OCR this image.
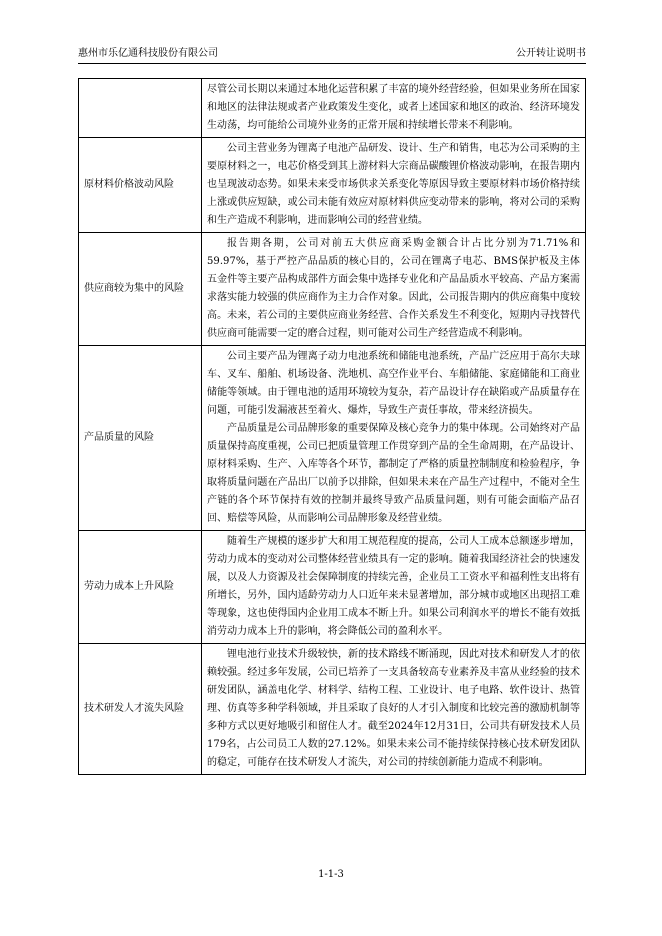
惠州市乐亿通科技股份有限公司	公开转让说明书

	尽管公司长期以来通过本地化运营积累了丰富的境外经营经验，但如果业务所在国家和地区的法律法规或者产业政策发生变化，或者上述国家和地区的政治、经济环境发生动荡，均可能给公司境外业务的正常开展和持续增长带来不利影响。

原材料价格波动风险	公司主营业务为锂离子电池产品研发、设计、生产和销售，电芯为公司采购的主要原材料之一，电芯价格受到其上游材料大宗商品碳酸锂价格波动影响，在报告期内也呈现波动态势。如果未来受市场供求关系变化等原因导致主要原材料市场价格持续上涨或供应短缺，或公司未能有效应对原材料供应变动带来的影响，将对公司的采购和生产造成不利影响，进而影响公司的经营业绩。

供应商较为集中的风险	报告期各期，公司对前五大供应商采购金额合计占比分别为71.71%和59.97%，基于严控产品品质的核心目的，公司在锂离子电芯、BMS保护板及主体五金件等主要产品构成部件方面会集中选择专业化和产品品质水平较高、产品方案需求落实能力较强的供应商作为主力合作对象。因此，公司报告期内的供应商集中度较高。未来，若公司的主要供应商业务经营、合作关系发生不利变化，短期内寻找替代供应商可能需要一定的磨合过程，则可能对公司生产经营造成不利影响。

产品质量的风险	公司主要产品为锂离子动力电池系统和储能电池系统，产品广泛应用于高尔夫球车、叉车、船舶、机场设备、洗地机、高空作业平台、车船储能、家庭储能和工商业储能等领域。由于锂电池的适用环境较为复杂，若产品设计存在缺陷或产品质量存在问题，可能引发漏液甚至着火、爆炸，导致生产责任事故，带来经济损失。

产品质量是公司品牌形象的重要保障及核心竞争力的集中体现。公司始终对产品质量保持高度重视，公司已把质量管理工作贯穿到产品的全生命周期，在产品设计、原材料采购、生产、入库等各个环节，都制定了严格的质量控制制度和检验程序，争取将质量问题在产品出厂以前予以排除，但如果未来在产品生产过程中，不能对全生产链的各个环节保持有效的控制并最终导致产品质量问题，则有可能会面临产品召回、赔偿等风险，从而影响公司品牌形象及经营业绩。

劳动力成本上升风险	随着生产规模的逐步扩大和用工规范程度的提高，公司人工成本总额逐步增加，劳动力成本的变动对公司整体经营业绩具有一定的影响。随着我国经济社会的快速发展，以及人力资源及社会保障制度的持续完善，企业员工工资水平和福利性支出将有所增长，另外，国内适龄劳动力人口近年来未显著增加，部分城市或地区出现招工难等现象，这也使得国内企业用工成本不断上升。如果公司利润水平的增长不能有效抵消劳动力成本上升的影响，将会降低公司的盈利水平。

技术研发人才流失风险	锂电池行业技术升级较快，新的技术路线不断涌现，因此对技术和研发人才的依赖较强。经过多年发展，公司已培养了一支具备较高专业素养及丰富从业经验的技术研发团队，涵盖电化学、材料学、结构工程、工业设计、电子电路、软件设计、热管理、仿真等多种学科领域，并且采取了良好的人才引入制度和比较完善的激励机制等多种方式以更好地吸引和留住人才。截至2024年12月31日，公司共有研发技术人员179名，占公司员工人数的27.12%。如果未来公司不能持续保持核心技术研发团队的稳定，可能存在技术研发人才流失，对公司的持续创新能力造成不利影响。

1-1-3
